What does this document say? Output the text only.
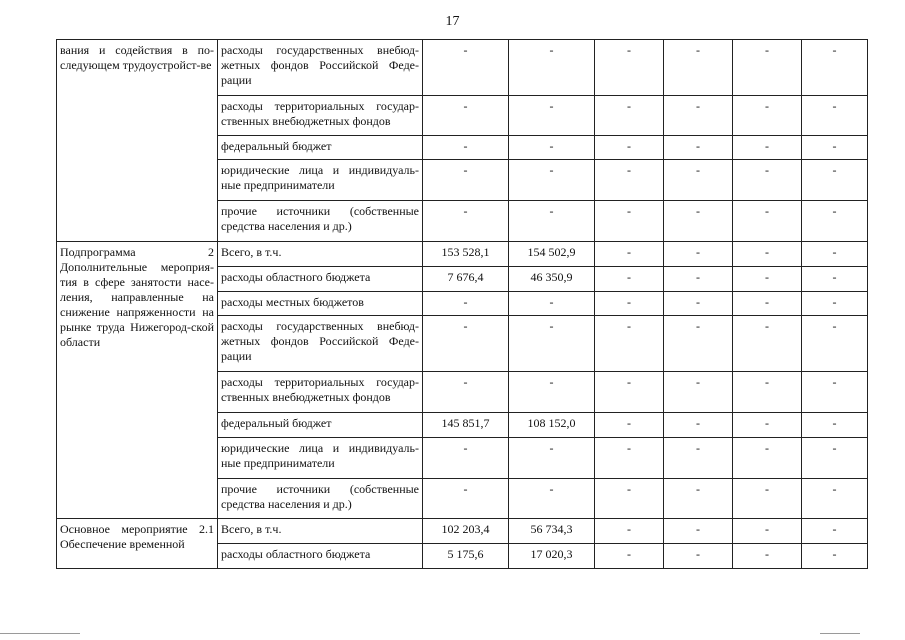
17
вания и содействия в по-следующем трудоустройст-ве	расходы государственных внебюд-жетных фондов Российской Феде-рации	-	-	-	-	-	-
	расходы территориальных государ-ственных внебюджетных фондов	-	-	-	-	-	-
	федеральный бюджет	-	-	-	-	-	-
	юридические лица и индивидуаль-ные предприниматели	-	-	-	-	-	-
	прочие источники (собственные средства населения и др.)	-	-	-	-	-	-
Подпрограмма 2 Дополнительные мероприя-тия в сфере занятости насе-ления, направленные на снижение напряженности на рынке труда Нижегород-ской области	Всего, в т.ч.	153 528,1	154 502,9	-	-	-	-
	расходы областного бюджета	7 676,4	46 350,9	-	-	-	-
	расходы местных бюджетов	-	-	-	-	-	-
	расходы государственных внебюд-жетных фондов Российской Феде-рации	-	-	-	-	-	-
	расходы территориальных государ-ственных внебюджетных фондов	-	-	-	-	-	-
	федеральный бюджет	145 851,7	108 152,0	-	-	-	-
	юридические лица и индивидуаль-ные предприниматели	-	-	-	-	-	-
	прочие источники (собственные средства населения и др.)	-	-	-	-	-	-
Основное мероприятие 2.1 Обеспечение временной	Всего, в т.ч.	102 203,4	56 734,3	-	-	-	-
	расходы областного бюджета	5 175,6	17 020,3	-	-	-	-
